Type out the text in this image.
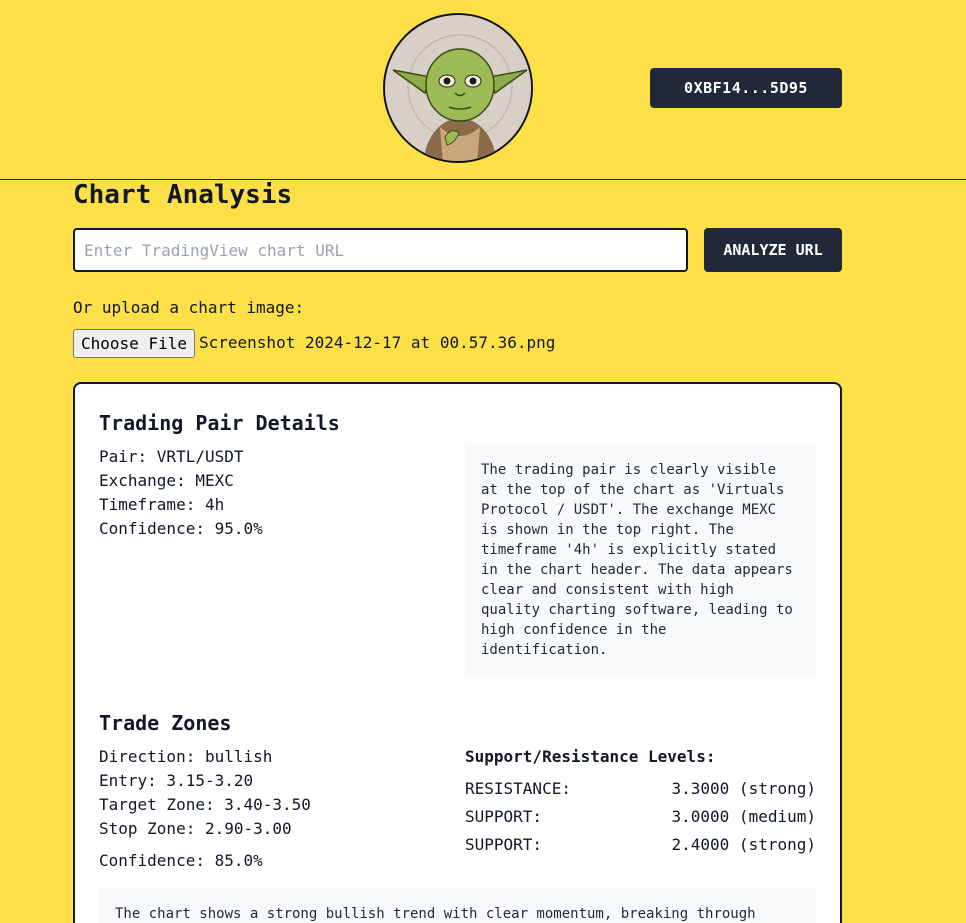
0XBF14...5D95
Chart Analysis
Enter TradingView chart URL
ANALYZE URL
Or upload a chart image:
Choose File Screenshot 2024-12-17 at 00.57.36.png
Trading Pair Details
Pair: VRTL/USDT
Exchange: MEXC
Timeframe: 4h
Confidence: 95.0%
The trading pair is clearly visible at the top of the chart as 'Virtuals Protocol / USDT'. The exchange MEXC is shown in the top right. The timeframe '4h' is explicitly stated in the chart header. The data appears clear and consistent with high quality charting software, leading to high confidence in the identification.
Trade Zones
Direction: bullish
Entry: 3.15-3.20
Target Zone: 3.40-3.50
Stop Zone: 2.90-3.00
Confidence: 85.0%
Support/Resistance Levels:
RESISTANCE:	3.3000 (strong)
SUPPORT:	3.0000 (medium)
SUPPORT:	2.4000 (strong)
The chart shows a strong bullish trend with clear momentum, breaking through
